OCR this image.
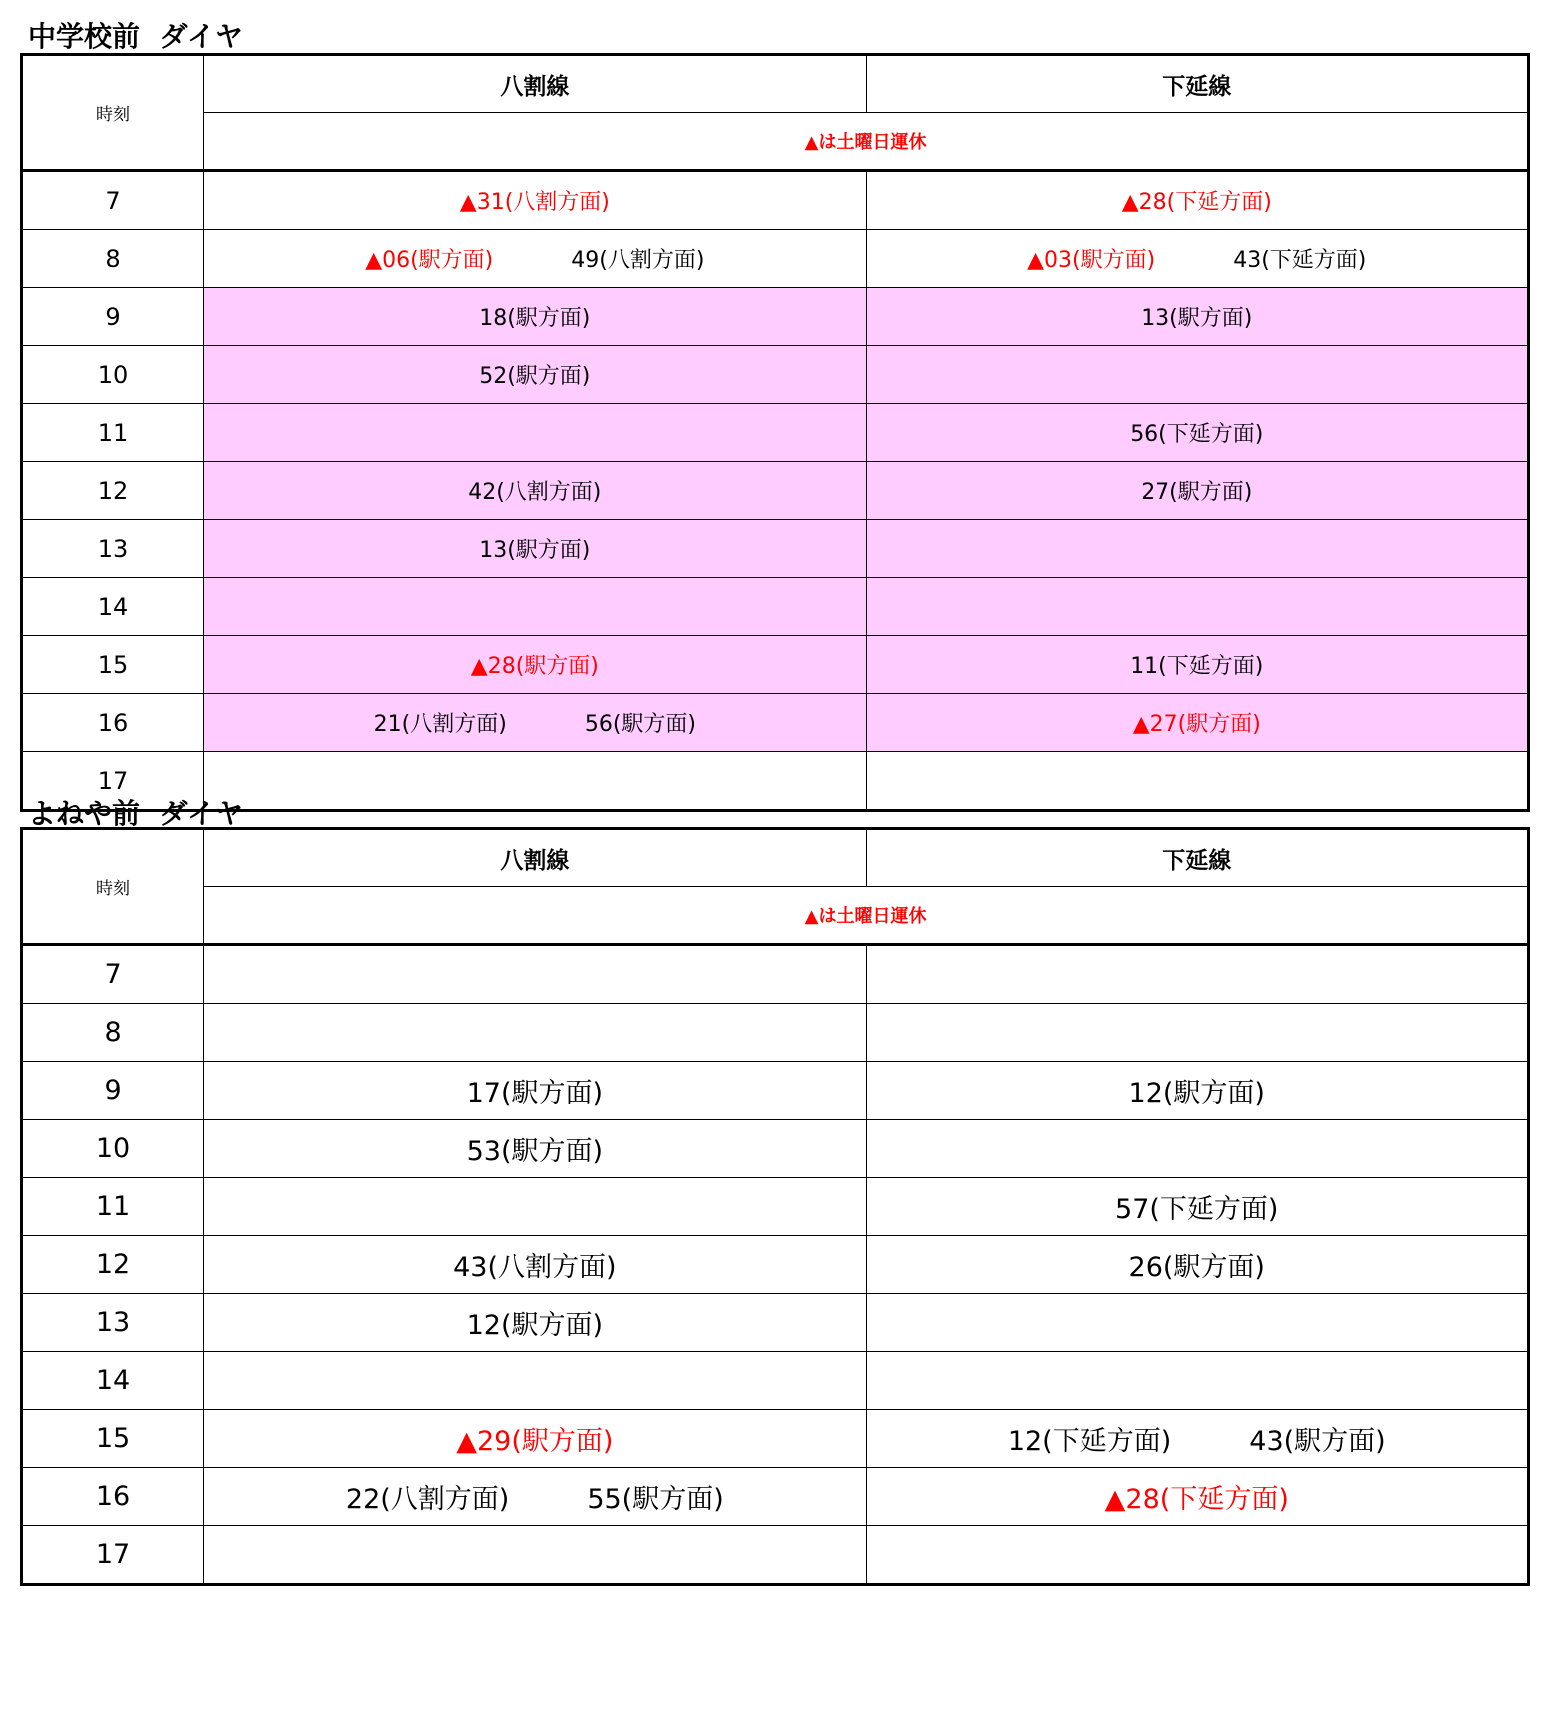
中学校前  ダイヤ
時刻	八割線	下延線
	▲は土曜日運休	
7	▲31(八割方面)	▲28(下延方面)
8	▲06(駅方面) 49(八割方面)	▲03(駅方面) 43(下延方面)
9	18(駅方面)	13(駅方面)
10	52(駅方面)	
11		56(下延方面)
12	42(八割方面)	27(駅方面)
13	13(駅方面)	
14		
15	▲28(駅方面)	11(下延方面)
16	21(八割方面) 56(駅方面)	▲27(駅方面)
17		
よねや前  ダイヤ
時刻	八割線	下延線
	▲は土曜日運休	
7		
8		
9	17(駅方面)	12(駅方面)
10	53(駅方面)	
11		57(下延方面)
12	43(八割方面)	26(駅方面)
13	12(駅方面)	
14		
15	▲29(駅方面)	12(下延方面) 43(駅方面)
16	22(八割方面) 55(駅方面)	▲28(下延方面)
17		
